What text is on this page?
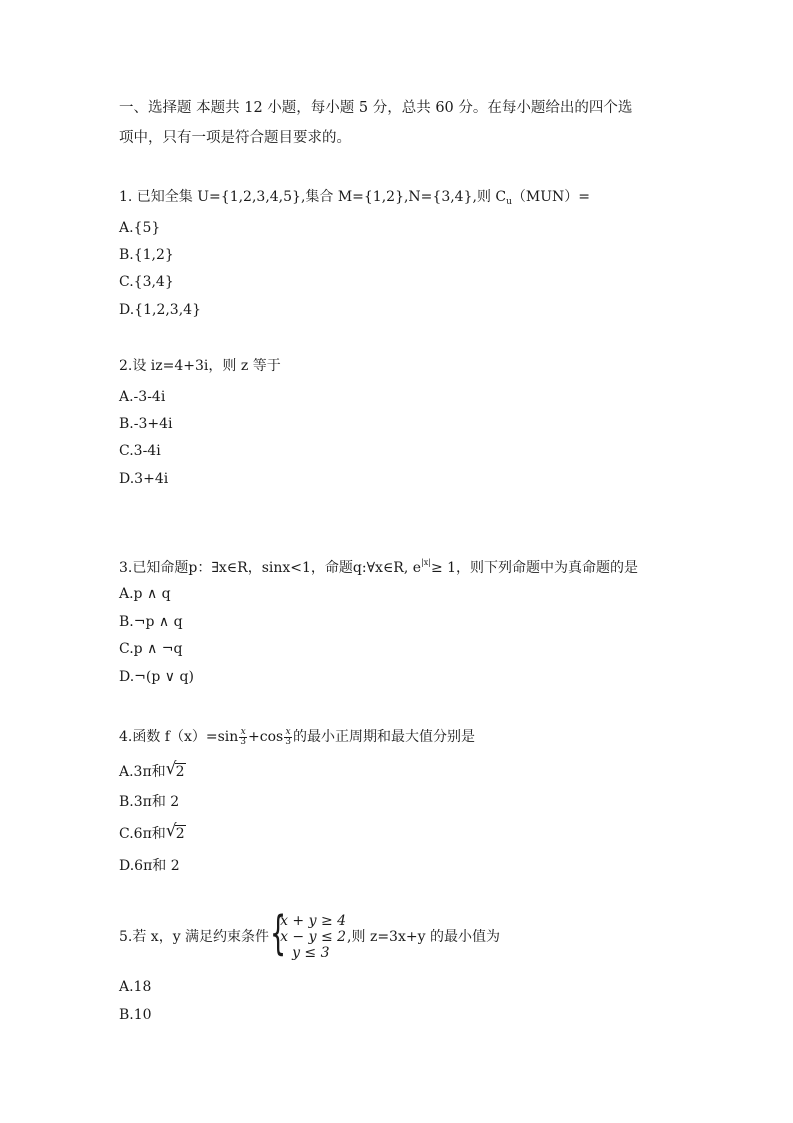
一、选择题 本题共 12 小题，每小题 5 分，总共 60 分。在每小题给出的四个选
项中，只有一项是符合题目要求的。
1. 已知全集 U={1,2,3,4,5},集合 M={1,2},N={3,4},则 $C_u(MUN)=$
A.{5}
B.{1,2}
C.{3,4}
D.{1,2,3,4}
2.设 iz=4+3i，则 z 等于
A.-3-4i
B.-3+4i
C.3-4i
D.3+4i
3.已知命题p：∃x∈R，sinx<1，命题q:∀x∈R, $e^{|x|}\ge 1$，则下列命题中为真命题的是
A.p ∧ q
B.¬p ∧ q
C.p ∧ ¬q
D.¬(p ∨ q)
4.函数 $f(x)=\sin \frac{x}{3} +\cos \frac{x}{3}$ 的最小正周期和最大值分别是
A.3π和 √ 2
B.3π和 2
C.6π和 √ 2
D.6π和 2
5.若 x，y 满足约束条件 {
x + y ≥ 4
x − y ≤ 2
y ≤ 3
,则 z=3x+y 的最小值为
A.18
B.10
